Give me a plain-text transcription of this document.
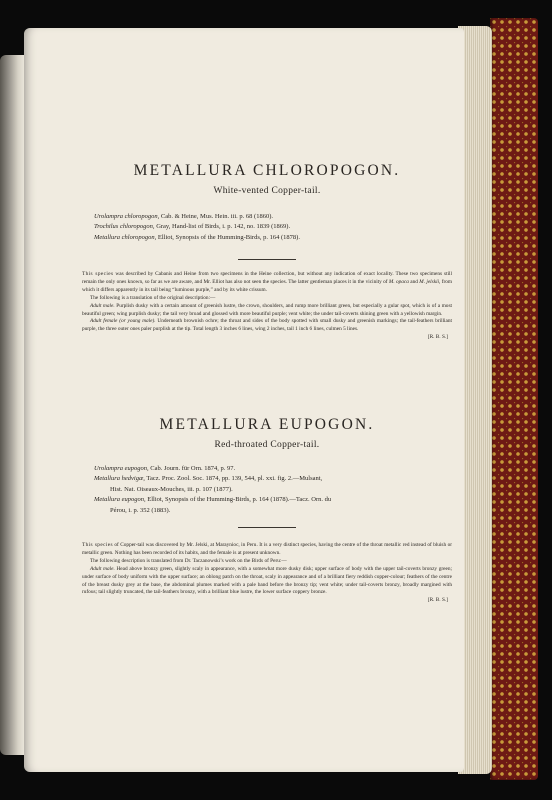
METALLURA CHLOROPOGON.
White-vented Copper-tail.
Urolampra chloropogon, Cab. & Heine, Mus. Hein. iii. p. 68 (1860).
Trochilus chloropogon, Gray, Hand-list of Birds, i. p. 142, no. 1839 (1869).
Metallura chloropogon, Elliot, Synopsis of the Humming-Birds, p. 164 (1878).

This species was described by Cabanis and Heine from two specimens in the Heine collection, but without any indication of exact locality. These two specimens still remain the only ones known, so far as we are aware, and Mr. Elliot has also not seen the species. The latter gentleman places it in the vicinity of M. opaca and M. jelskii, from which it differs apparently in its tail being “luminous purple,” and by its white crissum.

The following is a translation of the original description:—

Adult male. Purplish dusky with a certain amount of greenish lustre, the crown, shoulders, and rump more brilliant green, but especially a gular spot, which is of a most beautiful green; wing purplish dusky; the tail very broad and glossed with more beautiful purple; vent white; the under tail-coverts shining green with a yellowish margin.

Adult female (or young male). Underneath brownish ochre; the throat and sides of the body spotted with small dusky and greenish markings; the tail-feathers brilliant purple, the three outer ones paler purplish at the tip. Total length 3 inches 6 lines, wing 2 inches, tail 1 inch 6 lines, culmen 5 lines.

[R. B. S.]
METALLURA EUPOGON.
Red-throated Copper-tail.
Urolampra eupogon, Cab. Journ. für Orn. 1874, p. 97.
Metallura hedvigæ, Tacz. Proc. Zool. Soc. 1874, pp. 139, 544, pl. xxi. fig. 2.—Mulsant,
Hist. Nat. Oiseaux-Mouches, iii. p. 107 (1877).
Metallura eupogon, Elliot, Synopsis of the Humming-Birds, p. 164 (1878).—Tacz. Orn. du
Pérou, i. p. 352 (1883).

This species of Copper-tail was discovered by Mr. Jelski, at Maraynioc, in Peru. It is a very distinct species, having the centre of the throat metallic red instead of bluish or metallic green. Nothing has been recorded of its habits, and the female is at present unknown.

The following description is translated from Dr. Taczanowski’s work on the Birds of Peru:—

Adult male. Head above bronzy green, slightly scaly in appearance, with a somewhat more dusky disk; upper surface of body with the upper tail-coverts bronzy green; under surface of body uniform with the upper surface; an oblong patch on the throat, scaly in appearance and of a brilliant fiery reddish copper-colour; feathers of the centre of the breast dusky grey at the base, the abdominal plumes marked with a pale band before the bronzy tip; vent white; under tail-coverts bronzy, broadly margined with rufous; tail slightly truncated, the tail-feathers bronzy, with a brilliant blue lustre, the lower surface coppery bronze.

[R. B. S.]
